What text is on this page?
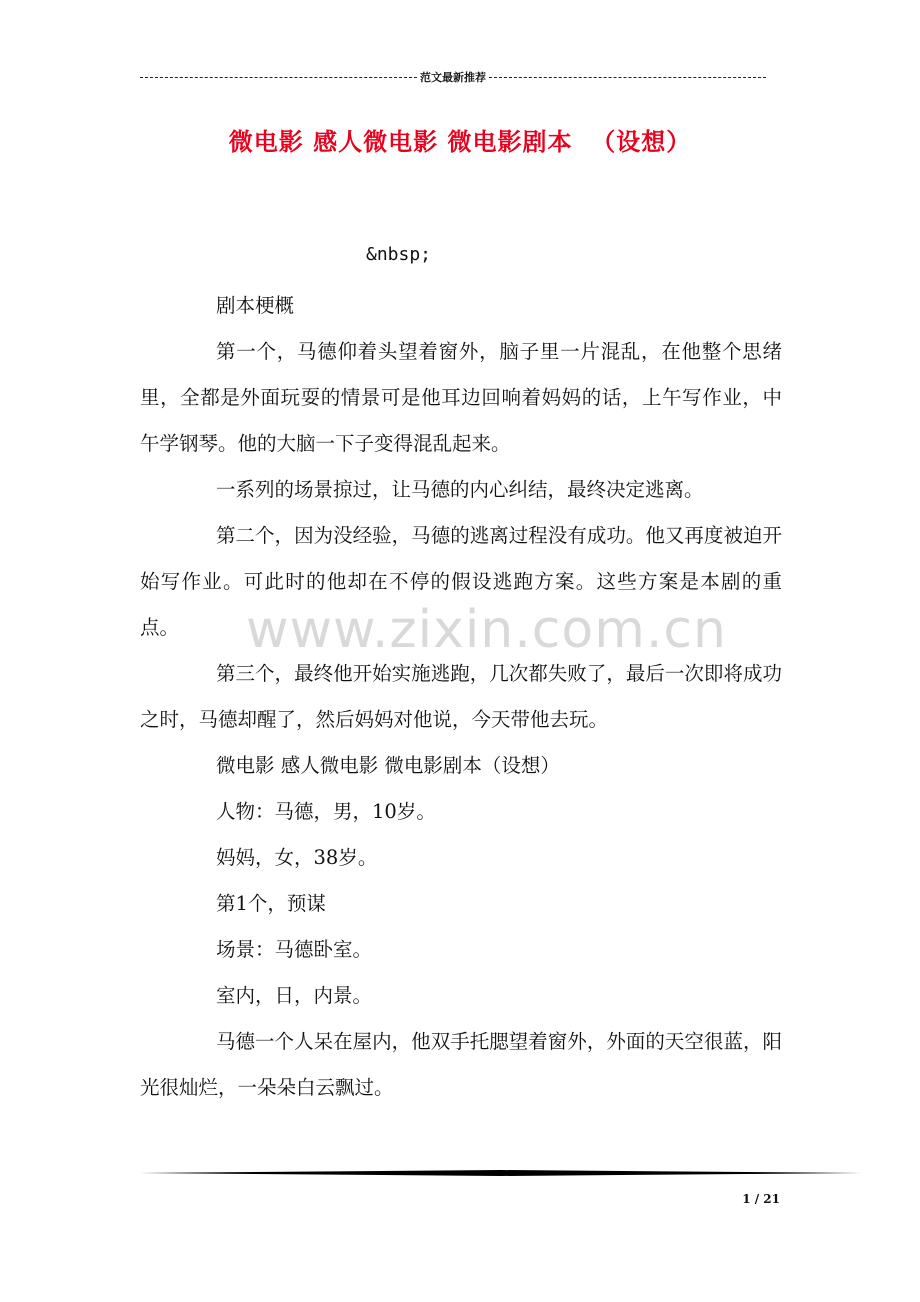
范文最新推荐
微电影 感人微电影 微电影剧本  （设想）
&nbsp;

剧本梗概

第一个，马德仰着头望着窗外，脑子里一片混乱，在他整个思绪里，全都是外面玩耍的情景可是他耳边回响着妈妈的话，上午写作业，中午学钢琴。他的大脑一下子变得混乱起来。

一系列的场景掠过，让马德的内心纠结，最终决定逃离。

第二个，因为没经验，马德的逃离过程没有成功。他又再度被迫开始写作业。可此时的他却在不停的假设逃跑方案。这些方案是本剧的重点。

第三个，最终他开始实施逃跑，几次都失败了，最后一次即将成功之时，马德却醒了，然后妈妈对他说，今天带他去玩。

微电影 感人微电影 微电影剧本（设想）

人物：马德，男，10岁。

妈妈，女，38岁。

第1个，预谋

场景：马德卧室。

室内，日，内景。

马德一个人呆在屋内，他双手托腮望着窗外，外面的天空很蓝，阳光很灿烂，一朵朵白云飘过。

www.zixin.com.cn
1 / 21
